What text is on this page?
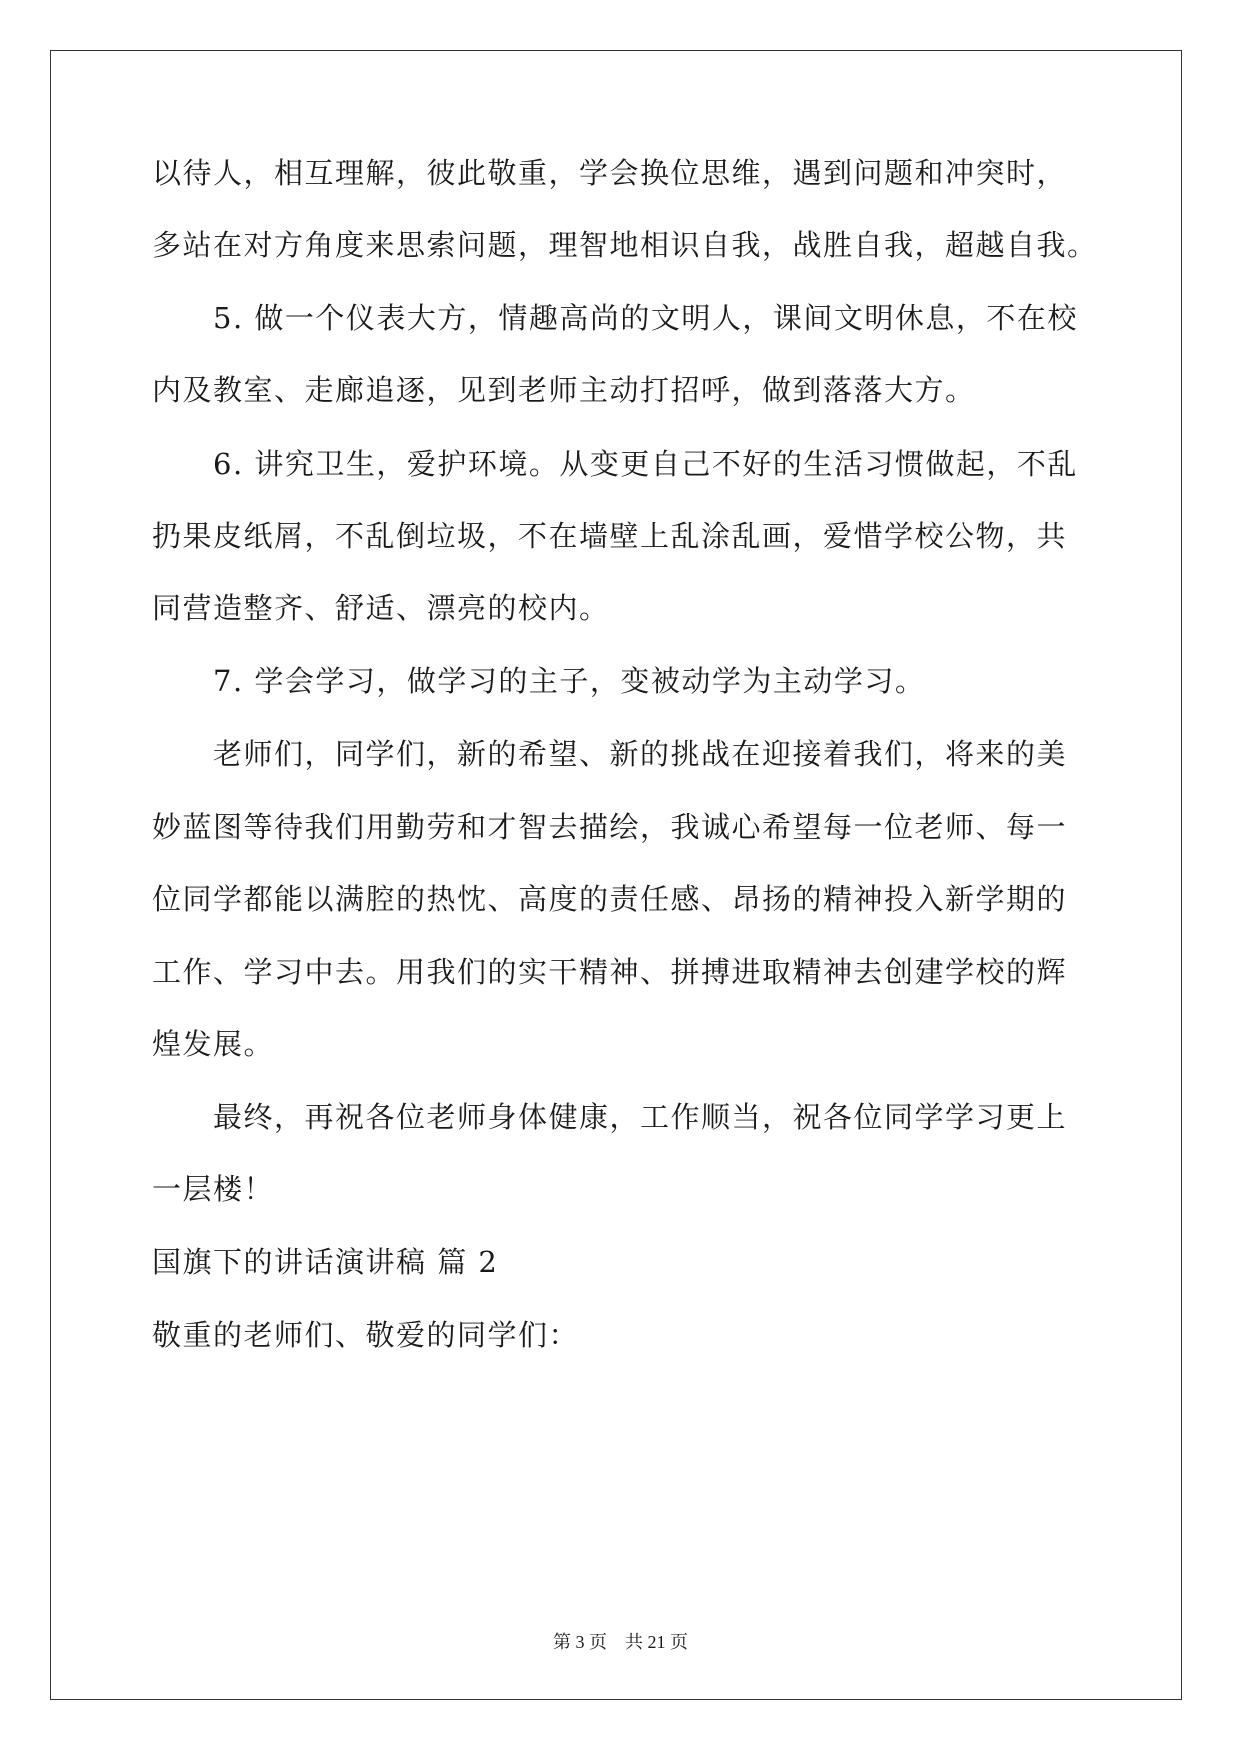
以待人，相互理解，彼此敬重，学会换位思维，遇到问题和冲突时，
多站在对方角度来思索问题，理智地相识自我，战胜自我，超越自我。
5. 做一个仪表大方，情趣高尚的文明人，课间文明休息，不在校
内及教室、走廊追逐，见到老师主动打招呼，做到落落大方。
6. 讲究卫生，爱护环境。从变更自己不好的生活习惯做起，不乱
扔果皮纸屑，不乱倒垃圾，不在墙壁上乱涂乱画，爱惜学校公物，共
同营造整齐、舒适、漂亮的校内。
7. 学会学习，做学习的主子，变被动学为主动学习。
老师们，同学们，新的希望、新的挑战在迎接着我们，将来的美
妙蓝图等待我们用勤劳和才智去描绘，我诚心希望每一位老师、每一
位同学都能以满腔的热忱、高度的责任感、昂扬的精神投入新学期的
工作、学习中去。用我们的实干精神、拼搏进取精神去创建学校的辉
煌发展。
最终，再祝各位老师身体健康，工作顺当，祝各位同学学习更上
一层楼！
国旗下的讲话演讲稿 篇 2
敬重的老师们、敬爱的同学们：
第 3 页 共 21 页
